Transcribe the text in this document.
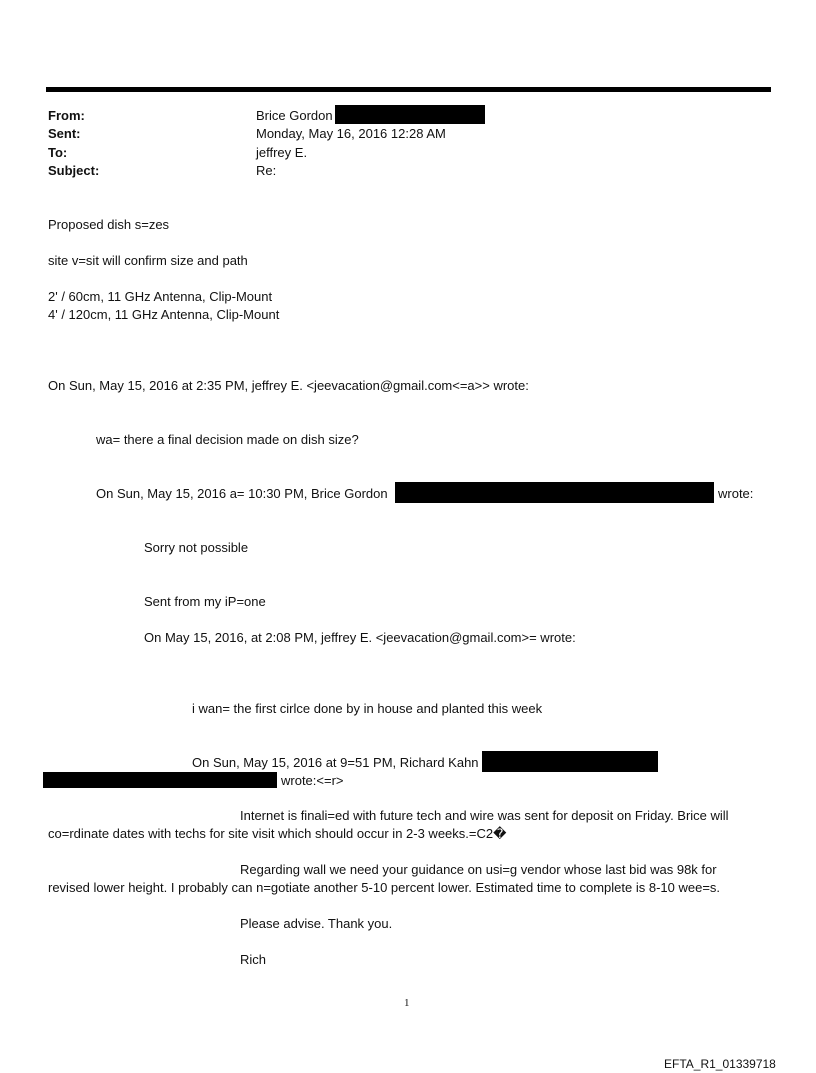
From:	Brice Gordon
Sent:	Monday, May 16, 2016 12:28 AM
To:	jeffrey E.
Subject:	Re:
Proposed dish s=zes
site v=sit will confirm size and path
2' / 60cm, 11 GHz Antenna, Clip-Mount
4' / 120cm, 11 GHz Antenna, Clip-Mount
On Sun, May 15, 2016 at 2:35 PM, jeffrey E. <jeevacation@gmail.com<=a>> wrote:
wa= there a final decision made on dish size?
On Sun, May 15, 2016 a= 10:30 PM, Brice Gordon	wrote:
Sorry not possible
Sent from my iP=one
On May 15, 2016, at 2:08 PM, jeffrey E. <jeevacation@gmail.com>= wrote:
i wan= the first cirlce done by in house and planted this week
On Sun, May 15, 2016 at 9=51 PM, Richard Kahn
wrote:<=r>
Internet is finali=ed with future tech and wire was sent for deposit on Friday. Brice will
co=rdinate dates with techs for site visit which should occur in 2-3 weeks.=C2�
Regarding wall we need your guidance on usi=g vendor whose last bid was 98k for
revised lower height. I probably can n=gotiate another 5-10 percent lower. Estimated time to complete is 8-10 wee=s.
Please advise. Thank you.
Rich
1
EFTA_R1_01339718
